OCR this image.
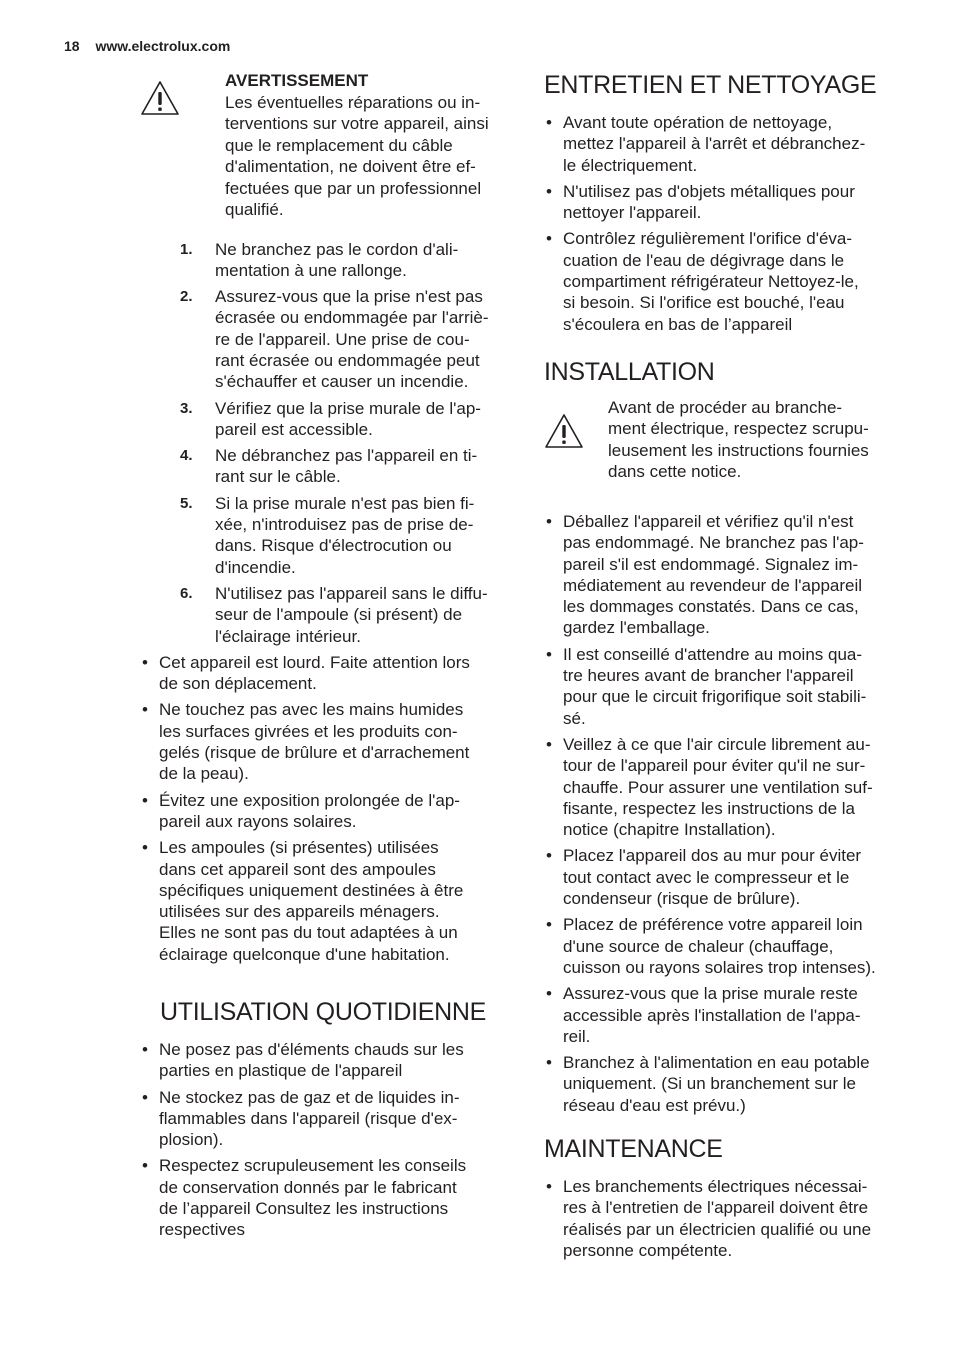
18 www.electrolux.com
AVERTISSEMENT
Les éventuelles réparations ou in-
terventions sur votre appareil, ainsi
que le remplacement du câble
d'alimentation, ne doivent être ef-
fectuées que par un professionnel
qualifié.
1. Ne branchez pas le cordon d'ali-
mentation à une rallonge.
2. Assurez-vous que la prise n'est pas
écrasée ou endommagée par l'arriè-
re de l'appareil. Une prise de cou-
rant écrasée ou endommagée peut
s'échauffer et causer un incendie.
3. Vérifiez que la prise murale de l'ap-
pareil est accessible.
4. Ne débranchez pas l'appareil en ti-
rant sur le câble.
5. Si la prise murale n'est pas bien fi-
xée, n'introduisez pas de prise de-
dans. Risque d'électrocution ou
d'incendie.
6. N'utilisez pas l'appareil sans le diffu-
seur de l'ampoule (si présent) de
l'éclairage intérieur.
• Cet appareil est lourd. Faite attention lors
de son déplacement.
• Ne touchez pas avec les mains humides
les surfaces givrées et les produits con-
gelés (risque de brûlure et d'arrachement
de la peau).
• Évitez une exposition prolongée de l'ap-
pareil aux rayons solaires.
• Les ampoules (si présentes) utilisées
dans cet appareil sont des ampoules
spécifiques uniquement destinées à être
utilisées sur des appareils ménagers.
Elles ne sont pas du tout adaptées à un
éclairage quelconque d'une habitation.
UTILISATION QUOTIDIENNE
• Ne posez pas d'éléments chauds sur les
parties en plastique de l'appareil
• Ne stockez pas de gaz et de liquides in-
flammables dans l'appareil (risque d'ex-
plosion).
• Respectez scrupuleusement les conseils
de conservation donnés par le fabricant
de l’appareil Consultez les instructions
respectives
ENTRETIEN ET NETTOYAGE
• Avant toute opération de nettoyage,
mettez l'appareil à l'arrêt et débranchez-
le électriquement.
• N'utilisez pas d'objets métalliques pour
nettoyer l'appareil.
• Contrôlez régulièrement l'orifice d'éva-
cuation de l'eau de dégivrage dans le
compartiment réfrigérateur Nettoyez-le,
si besoin. Si l'orifice est bouché, l'eau
s'écoulera en bas de l’appareil
INSTALLATION
Avant de procéder au branche-
ment électrique, respectez scrupu-
leusement les instructions fournies
dans cette notice.
• Déballez l'appareil et vérifiez qu'il n'est
pas endommagé. Ne branchez pas l'ap-
pareil s'il est endommagé. Signalez im-
médiatement au revendeur de l'appareil
les dommages constatés. Dans ce cas,
gardez l'emballage.
• Il est conseillé d'attendre au moins qua-
tre heures avant de brancher l'appareil
pour que le circuit frigorifique soit stabili-
sé.
• Veillez à ce que l'air circule librement au-
tour de l'appareil pour éviter qu'il ne sur-
chauffe. Pour assurer une ventilation suf-
fisante, respectez les instructions de la
notice (chapitre Installation).
• Placez l'appareil dos au mur pour éviter
tout contact avec le compresseur et le
condenseur (risque de brûlure).
• Placez de préférence votre appareil loin
d'une source de chaleur (chauffage,
cuisson ou rayons solaires trop intenses).
• Assurez-vous que la prise murale reste
accessible après l'installation de l'appa-
reil.
• Branchez à l'alimentation en eau potable
uniquement. (Si un branchement sur le
réseau d'eau est prévu.)
MAINTENANCE
• Les branchements électriques nécessai-
res à l'entretien de l'appareil doivent être
réalisés par un électricien qualifié ou une
personne compétente.
